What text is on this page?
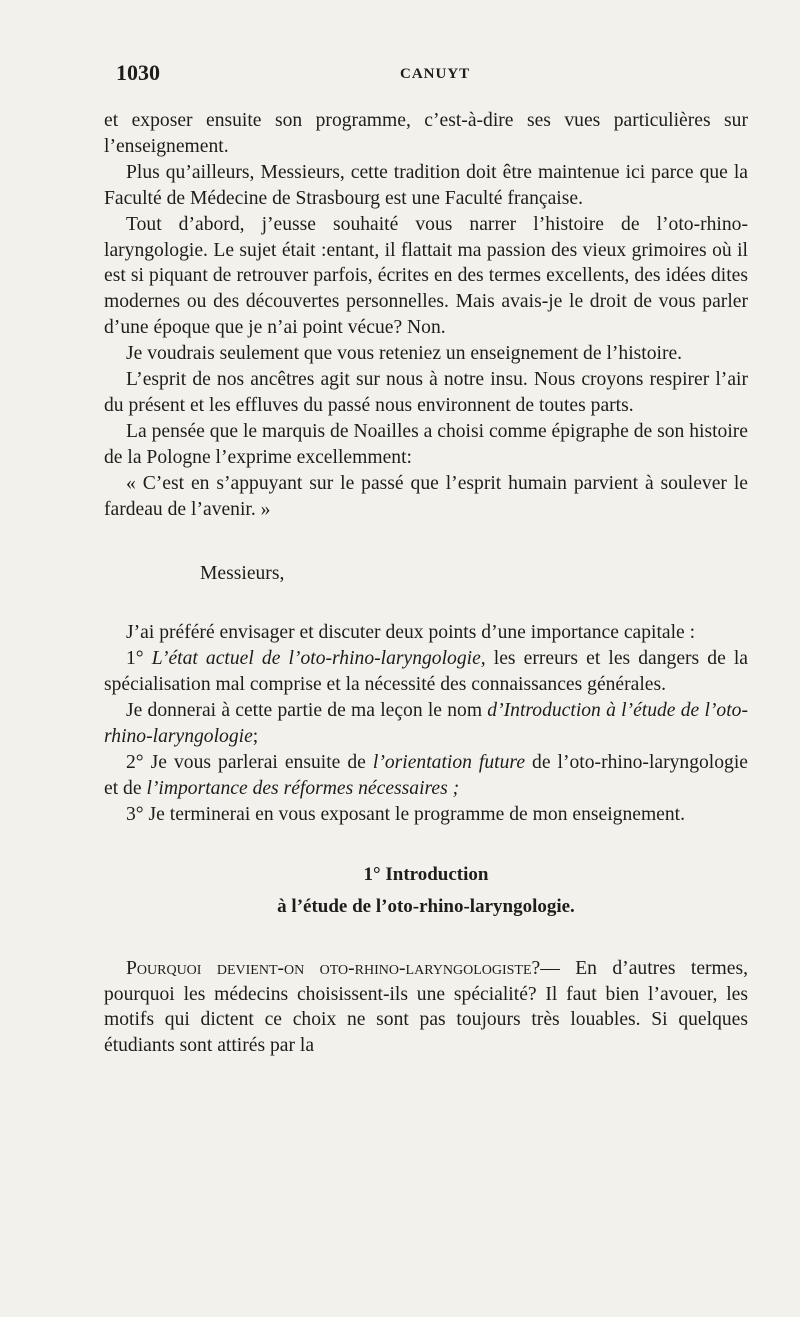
1030	CANUYT

et exposer ensuite son programme, c’est-à-dire ses vues particulières sur l’enseignement.

Plus qu’ailleurs, Messieurs, cette tradition doit être maintenue ici parce que la Faculté de Médecine de Strasbourg est une Faculté française.

Tout d’abord, j’eusse souhaité vous narrer l’histoire de l’oto-rhino-laryngologie. Le sujet était :entant, il flattait ma passion des vieux grimoires où il est si piquant de retrouver parfois, écrites en des termes excellents, des idées dites modernes ou des découvertes personnelles. Mais avais-je le droit de vous parler d’une époque que je n’ai point vécue? Non.

Je voudrais seulement que vous reteniez un enseignement de l’histoire.

L’esprit de nos ancêtres agit sur nous à notre insu. Nous croyons respirer l’air du présent et les effluves du passé nous environnent de toutes parts.

La pensée que le marquis de Noailles a choisi comme épigraphe de son histoire de la Pologne l’exprime excellemment:

« C’est en s’appuyant sur le passé que l’esprit humain parvient à soulever le fardeau de l’avenir. »

Messieurs,

J’ai préféré envisager et discuter deux points d’une importance capitale :

1° L’état actuel de l’oto-rhino-laryngologie, les erreurs et les dangers de la spécialisation mal comprise et la nécessité des connaissances générales.

Je donnerai à cette partie de ma leçon le nom d’Introduction à l’étude de l’oto-rhino-laryngologie;

2° Je vous parlerai ensuite de l’orientation future de l’oto-rhino-laryngologie et de l’importance des réformes nécessaires ;

3° Je terminerai en vous exposant le programme de mon enseignement.

1° Introduction
à l’étude de l’oto-rhino-laryngologie.

Pourquoi devient-on oto-rhino-laryngologiste?— En d’autres termes, pourquoi les médecins choisissent-ils une spécialité? Il faut bien l’avouer, les motifs qui dictent ce choix ne sont pas toujours très louables. Si quelques étudiants sont attirés par la
